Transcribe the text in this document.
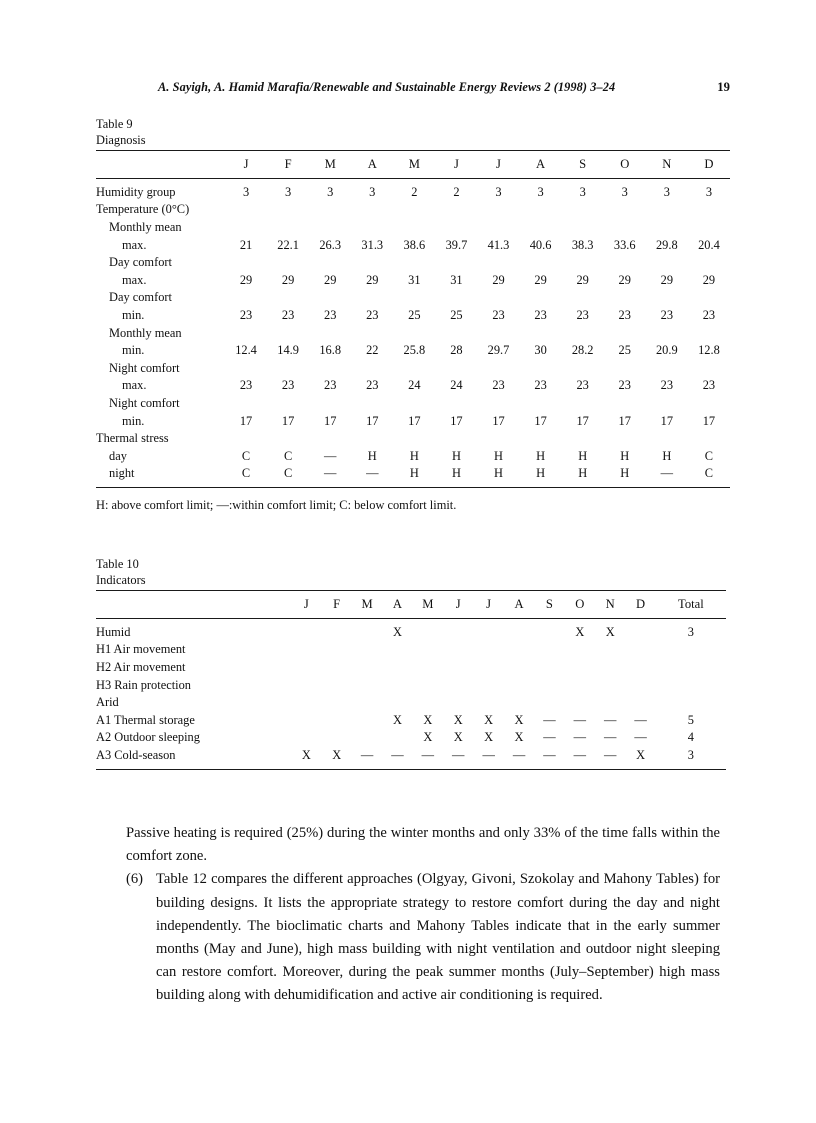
A. Sayigh, A. Hamid Marafia/Renewable and Sustainable Energy Reviews 2 (1998) 3–24	19
Table 9
Diagnosis
	J	F	M	A	M	J	J	A	S	O	N	D
Humidity group	3	3	3	3	2	2	3	3	3	3	3	3
Temperature (0°C)												
Monthly mean												
max.	21	22.1	26.3	31.3	38.6	39.7	41.3	40.6	38.3	33.6	29.8	20.4
Day comfort												
max.	29	29	29	29	31	31	29	29	29	29	29	29
Day comfort												
min.	23	23	23	23	25	25	23	23	23	23	23	23
Monthly mean												
min.	12.4	14.9	16.8	22	25.8	28	29.7	30	28.2	25	20.9	12.8
Night comfort												
max.	23	23	23	23	24	24	23	23	23	23	23	23
Night comfort												
min.	17	17	17	17	17	17	17	17	17	17	17	17
Thermal stress												
day	C	C	—	H	H	H	H	H	H	H	H	C
night	C	C	—	—	H	H	H	H	H	H	—	C
H: above comfort limit; —:within comfort limit; C: below comfort limit.
Table 10
Indicators
	J	F	M	A	M	J	J	A	S	O	N	D	Total
Humid				X						X	X		3
H1 Air movement													
H2 Air movement													
H3 Rain protection													
Arid													
A1 Thermal storage				X	X	X	X	X	—	—	—	—	5
A2 Outdoor sleeping					X	X	X	X	—	—	—	—	4
A3 Cold-season	X	X	—	—	—	—	—	—	—	—	—	X	3

Passive heating is required (25%) during the winter months and only 33% of the time falls within the comfort zone.

(6) Table 12 compares the different approaches (Olgyay, Givoni, Szokolay and Mahony Tables) for building designs. It lists the appropriate strategy to restore comfort during the day and night independently. The bioclimatic charts and Mahony Tables indicate that in the early summer months (May and June), high mass building with night ventilation and outdoor night sleeping can restore comfort. Moreover, during the peak summer months (July–September) high mass building along with dehumidification and active air conditioning is required.
